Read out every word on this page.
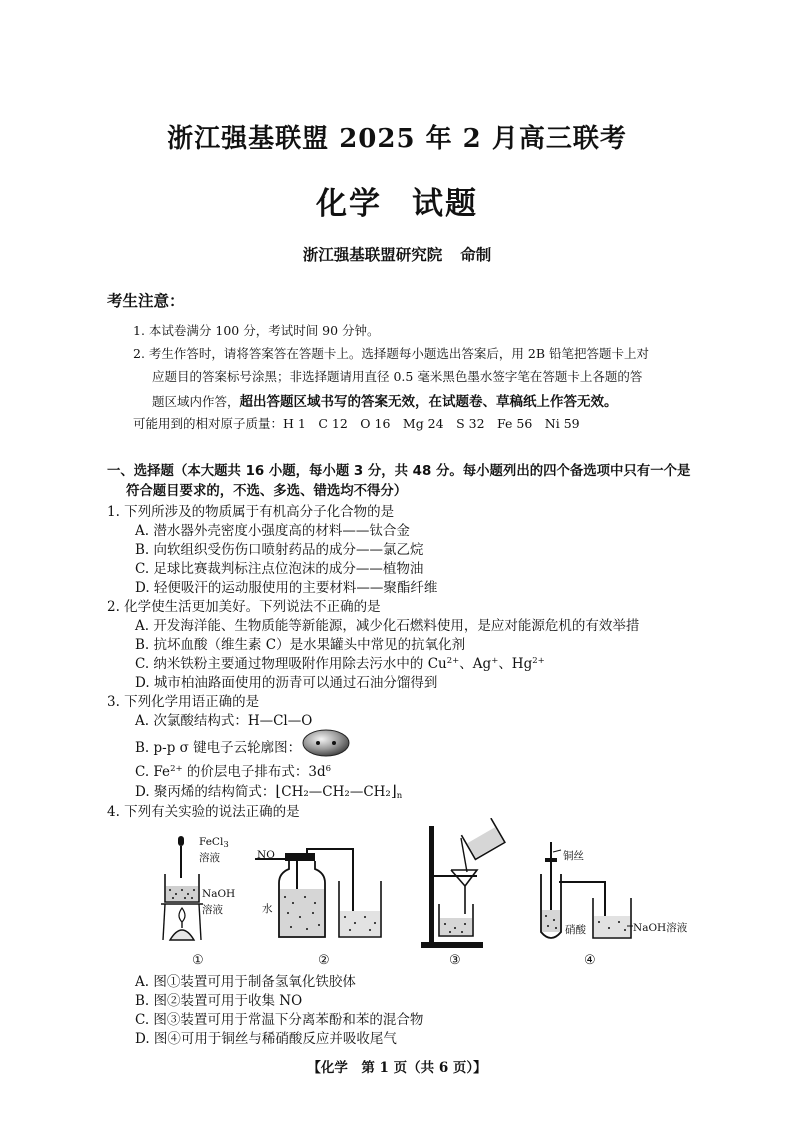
浙江强基联盟 2025 年 2 月高三联考
化学 试题
浙江强基联盟研究院 命制
考生注意：
1. 本试卷满分 100 分，考试时间 90 分钟。
2. 考生作答时，请将答案答在答题卡上。选择题每小题选出答案后，用 2B 铅笔把答题卡上对
应题目的答案标号涂黑；非选择题请用直径 0.5 毫米黑色墨水签字笔在答题卡上各题的答
题区域内作答，超出答题区域书写的答案无效，在试题卷、草稿纸上作答无效。
可能用到的相对原子质量：H 1　C 12　O 16　Mg 24　S 32　Fe 56　Ni 59
一、选择题（本大题共 16 小题，每小题 3 分，共 48 分。每小题列出的四个备选项中只有一个是
符合题目要求的，不选、多选、错选均不得分）
1. 下列所涉及的物质属于有机高分子化合物的是
A. 潜水器外壳密度小强度高的材料——钛合金
B. 向软组织受伤伤口喷射药品的成分——氯乙烷
C. 足球比赛裁判标注点位泡沫的成分——植物油
D. 轻便吸汗的运动服使用的主要材料——聚酯纤维
2. 化学使生活更加美好。下列说法不正确的是
A. 开发海洋能、生物质能等新能源，减少化石燃料使用，是应对能源危机的有效举措
B. 抗坏血酸（维生素 C）是水果罐头中常见的抗氧化剂
C. 纳米铁粉主要通过物理吸附作用除去污水中的 $Cu^{2+}$、Ag+、$Hg^{2+}$
D. 城市柏油路面使用的沥青可以通过石油分馏得到
3. 下列化学用语正确的是
A. 次氯酸结构式：H—Cl—O
B. p-p σ 键电子云轮廓图：
C. $Fe^{2+}$ 的价层电子排布式：$3d^6$
D. 聚丙烯的结构简式：$⌊CH_2—CH_2—CH_2⌋_n$
4. 下列有关实验的说法正确的是
FeCl$_3$
溶液
NaOH
溶液
NO
水
铜丝
硝酸	NaOH溶液
①	②	③	④
A. 图①装置可用于制备氢氧化铁胶体
B. 图②装置可用于收集 NO
C. 图③装置可用于常温下分离苯酚和苯的混合物
D. 图④可用于铜丝与稀硝酸反应并吸收尾气
【化学　第 1 页（共 6 页）】
